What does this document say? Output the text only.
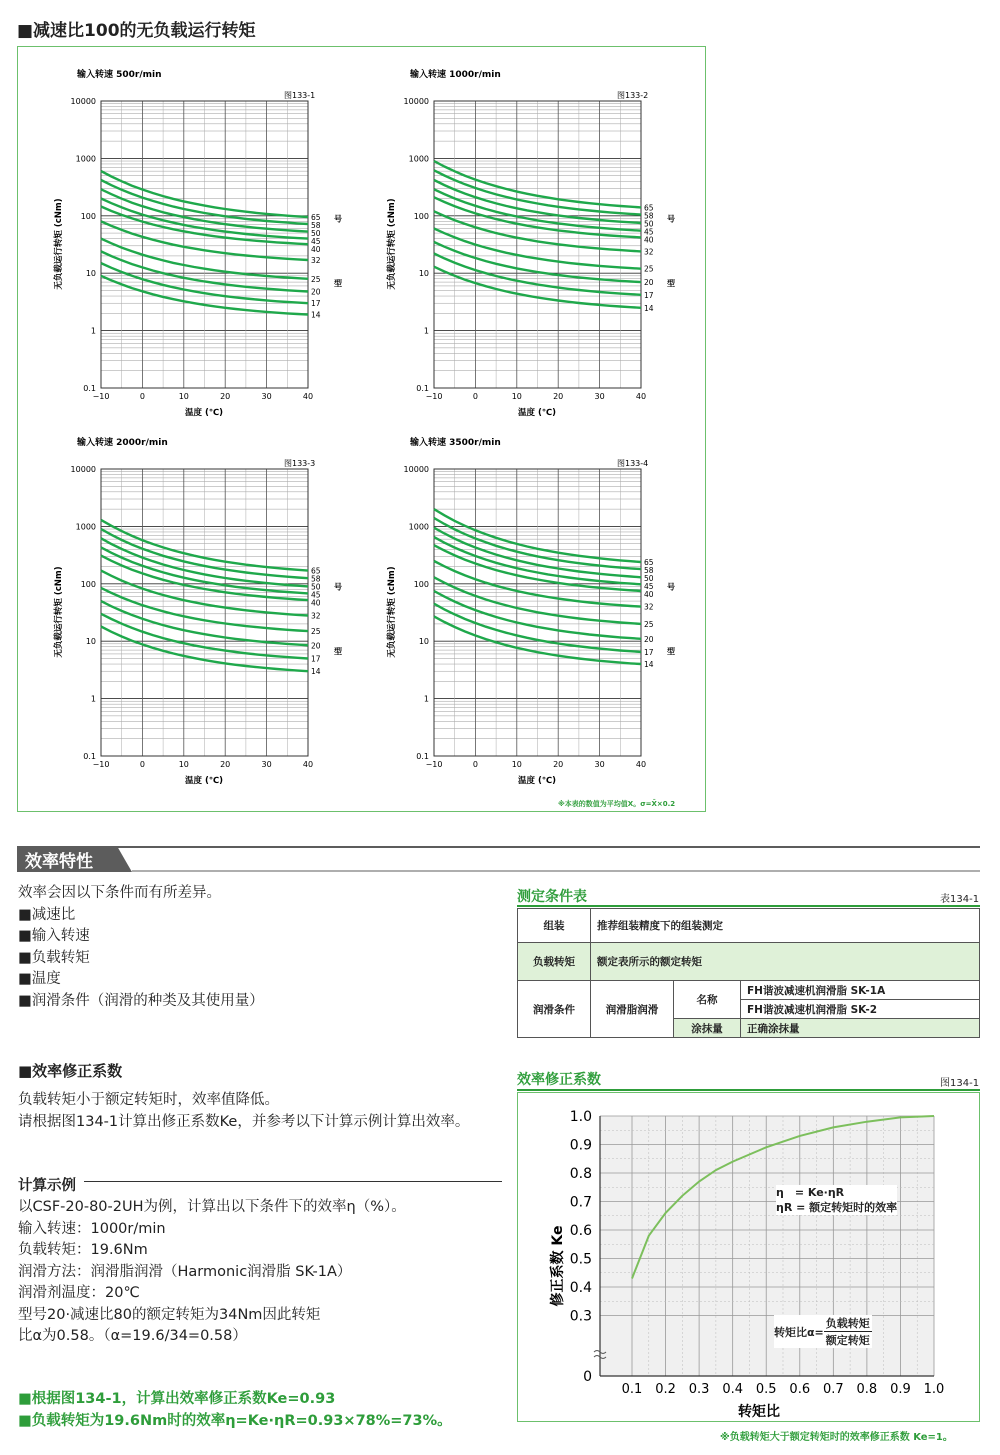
■减速比100的无负载运行转矩
输入转速 500r/min
图133-1
10000
1000
100
10
1
0.1
−10	0	10	20	30	40
65
58
50
45
40
32
25
20
17
14
号
型
温度 (℃)
无负载运行转矩 (cNm)
输入转速 1000r/min
图133-2
10000
1000
100
10
1
0.1
−10	0	10	20	30	40
65
58
50
45
40
32
25
20
17
14
号
型
温度 (℃)
无负载运行转矩 (cNm)
输入转速 2000r/min
图133-3
10000
1000
100
10
1
0.1
−10	0	10	20	30	40
65
58
50
45
40
32
25
20
17
14
号
型
温度 (℃)
无负载运行转矩 (cNm)
输入转速 3500r/min
图133-4
10000
1000
100
10
1
0.1
−10	0	10	20	30	40
65
58
50
45
40
32
25
20
17
14
号
型
温度 (℃)
无负载运行转矩 (cNm)
※本表的数值为平均值X。σ=X̄×0.2
效率特性
效率会因以下条件而有所差异。
■减速比
■输入转速
■负载转矩
■温度
■润滑条件（润滑的种类及其使用量）
■效率修正系数
负载转矩小于额定转矩时，效率值降低。
请根据图134-1计算出修正系数Ke，并参考以下计算示例计算出效率。
计算示例
以CSF-20-80-2UH为例，计算出以下条件下的效率η（%）。
输入转速：1000r/min
负载转矩：19.6Nm
润滑方法：润滑脂润滑（Harmonic润滑脂 SK-1A）
润滑剂温度：20℃
型号20·减速比80的额定转矩为34Nm因此转矩
比α为0.58。（α=19.6/34=0.58）
■根据图134-1，计算出效率修正系数Ke=0.93
■负载转矩为19.6Nm时的效率η=Ke·ηR=0.93×78%=73%。
测定条件表	表134-1
组装	推荐组装精度下的组装测定		
负载转矩	额定表所示的额定转矩		
润滑条件	润滑脂润滑	名称	FH谐波减速机润滑脂 SK-1A
			FH谐波减速机润滑脂 SK-2
		涂抹量	正确涂抹量
效率修正系数	图134-1
1.0
0.9
0.8
0.7
0.6
0.5
0.4
0.3
0
0.1 0.2 0.3 0.4 0.5 0.6 0.7 0.8 0.9 1.0
转矩比
修正系数 Ke
η　= Ke·ηR
ηR = 额定转矩时的效率
转矩比α=
负载转矩
额定转矩
※负载转矩大于额定转矩时的效率修正系数 Ke=1。
